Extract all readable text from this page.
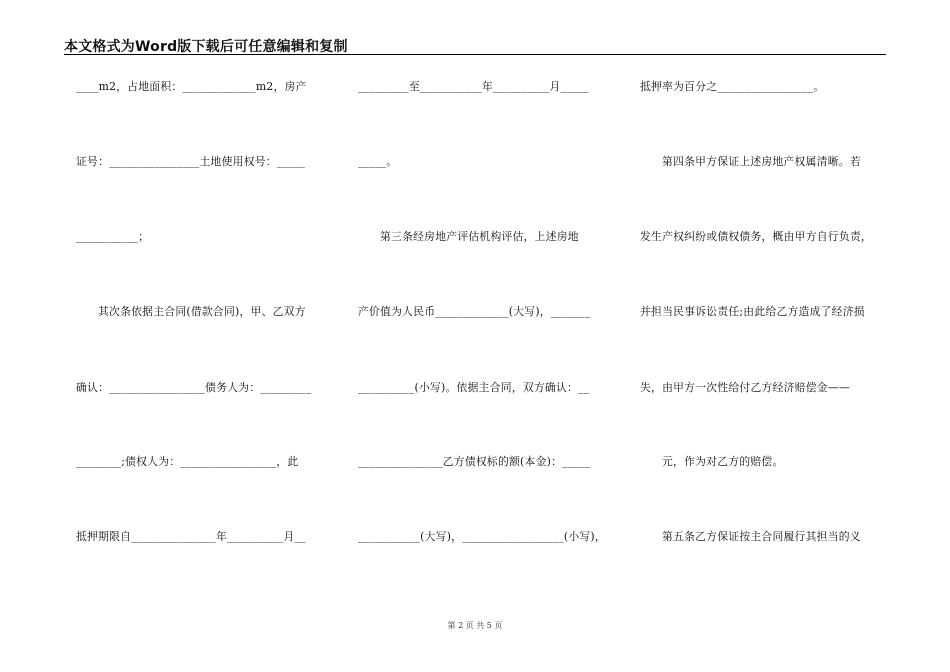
本文格式为Word版下载后可任意编辑和复制
____m2，占地面积：_____________m2，房产
证号：________________土地使用权号：_____
___________；
其次条依据主合同(借款合同)，甲、乙双方
确认：_________________债务人为：_________
________;债权人为：_________________，此
抵押期限自_______________年__________月__
_________至___________年__________月_____
_____。
第三条经房地产评估机构评估，上述房地
产价值为人民币_____________(大写)，_______
__________(小写)。依据主合同，双方确认：__
_______________乙方债权标的额(本金)：_____
___________(大写)，__________________(小写)，
抵押率为百分之_________________。
第四条甲方保证上述房地产权属清晰。若
发生产权纠纷或债权债务，概由甲方自行负责，
并担当民事诉讼责任;由此给乙方造成了经济损
失，由甲方一次性给付乙方经济赔偿金——
元，作为对乙方的赔偿。
第五条乙方保证按主合同履行其担当的义
第 2 页 共 5 页
